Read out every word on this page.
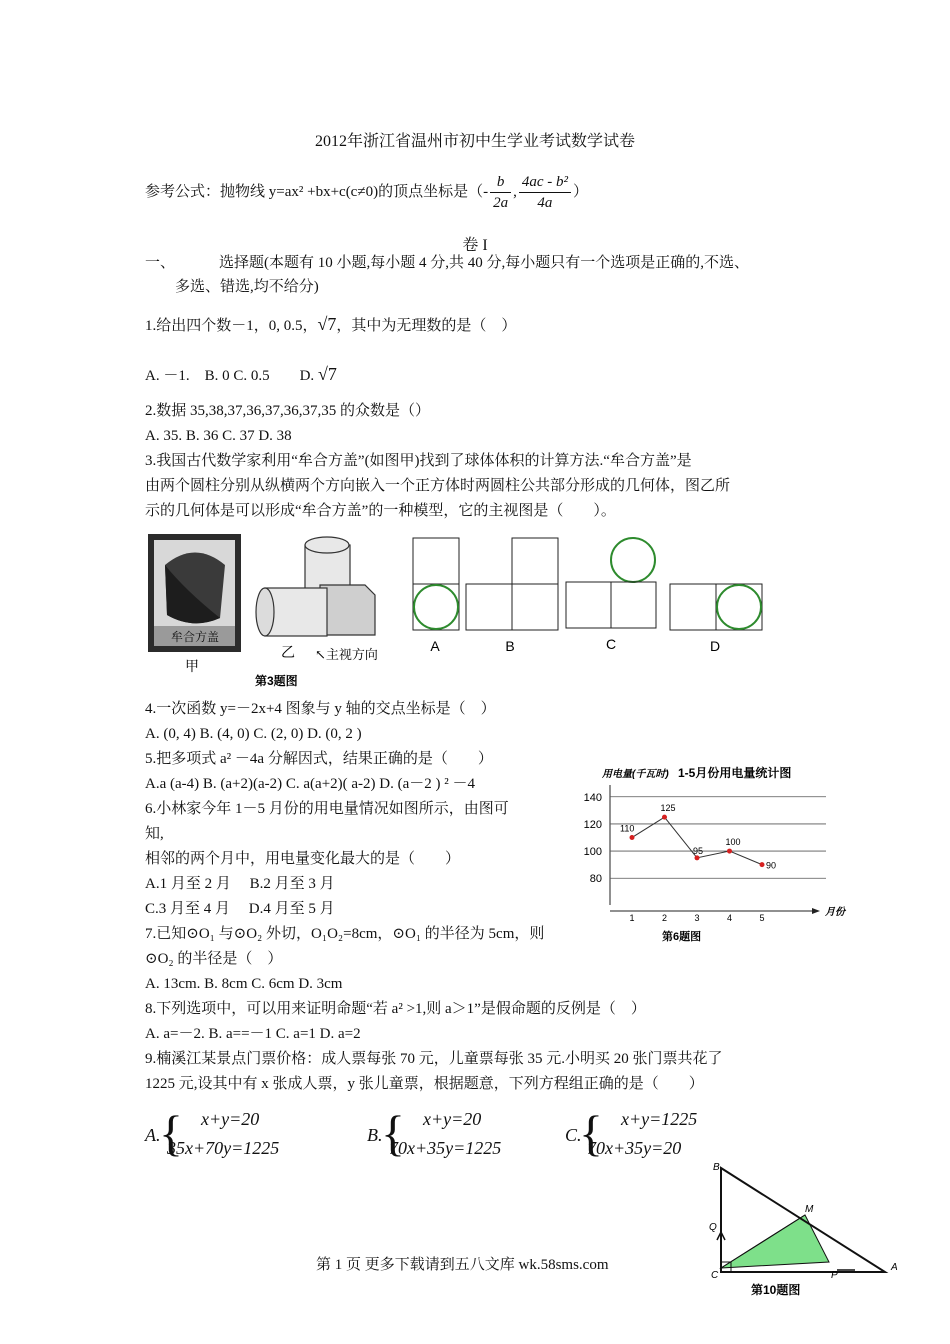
2012年浙江省温州市初中生学业考试数学试卷
参考公式：抛物线 y=ax² +bx+c(c≠0)的顶点坐标是（- $\frac{b}{2a}$ , $\frac{\text{4ac - b²}}{4a}$ ）
卷 I
一、	选择题(本题有 10 小题,每小题 4 分,共 40 分,每小题只有一个选项是正确的,不选、
多选、错选,均不给分)
1.给出四个数－1，0, 0.5，√7，其中为无理数的是（　）
A. －1.　B. 0 C. 0.5　　D. √7
2.数据 35,38,37,36,37,36,37,35 的众数是（）
A. 35. B. 36 C. 37 D. 38
3.我国古代数学家利用“牟合方盖”(如图甲)找到了球体体积的计算方法.“牟合方盖”是
由两个圆柱分别从纵横两个方向嵌入一个正方体时两圆柱公共部分形成的几何体，图乙所
示的几何体是可以形成“牟合方盖”的一种模型，它的主视图是（　　）。
牟合方盖
甲
乙 ↖主视方向
第3题图
A	B	C	D
4.一次函数 y=－2x+4 图象与 y 轴的交点坐标是（　）
A. (0, 4) B. (4, 0) C. (2, 0) D. (0, 2 )
5.把多项式 a² －4a 分解因式，结果正确的是（　　）
A.a (a-4) B. (a+2)(a-2) C. a(a+2)( a-2) D. (a－2 ) ² －4
6.小林家今年 1－5 月份的用电量情况如图所示，由图可
知,
相邻的两个月中，用电量变化最大的是（　　）
A.1 月至 2 月　 B.2 月至 3 月
C.3 月至 4 月　 D.4 月至 5 月
用电量(千瓦时) 1-5月份用电量统计图
80
100
120
140
1	2	3	4	5
110
125
95
100
90
月份
第6题图
7.已知⊙O₁ 与⊙O₂ 外切，O₁O₂=8cm，⊙O₁ 的半径为 5cm，则
⊙O₂ 的半径是（　）
A. 13cm. B. 8cm C. 6cm D. 3cm
8.下列选项中，可以用来证明命题“若 a² >1,则 a＞1”是假命题的反例是（　）
A. a=－2. B. a==－1 C. a=1 D. a=2
9.楠溪江某景点门票价格：成人票每张 70 元，儿童票每张 35 元.小明买 20 张门票共花了
1225 元,设其中有 x 张成人票，y 张儿童票，根据题意，下列方程组正确的是（　　）
A.
{ x+y=20
35x+70y=1225
B.
{ x+y=20
70x+35y=1225
C.
{ x+y=1225
70x+35y=20
B
M
Q
C	P
A
第10题图
第 1 页 更多下载请到五八文库 wk.58sms.com
